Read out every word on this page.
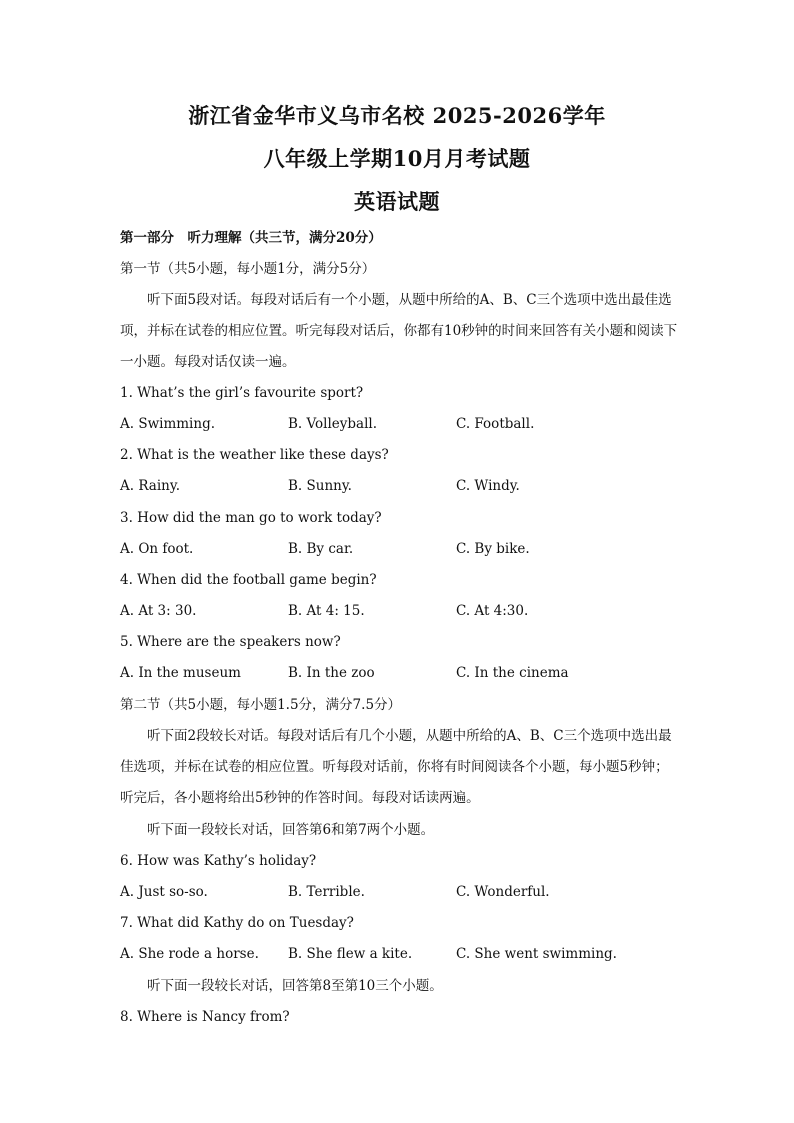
浙江省金华市义乌市名校 2025-2026学年
八年级上学期10月月考试题
英语试题
第一部分　听力理解（共三节，满分20分）
第一节（共5小题，每小题1分，满分5分）
听下面5段对话。每段对话后有一个小题，从题中所给的A、B、C三个选项中选出最佳选项，并标在试卷的相应位置。听完每段对话后，你都有10秒钟的时间来回答有关小题和阅读下一小题。每段对话仅读一遍。
1. What’s the girl’s favourite sport?
A. Swimming.	B. Volleyball.	C. Football.
2. What is the weather like these days?
A. Rainy.	B. Sunny.	C. Windy.
3. How did the man go to work today?
A. On foot.	B. By car.	C. By bike.
4. When did the football game begin?
A. At 3: 30.	B. At 4: 15.	C. At 4:30.
5. Where are the speakers now?
A. In the museum	B. In the zoo	C. In the cinema
第二节（共5小题，每小题1.5分，满分7.5分）
听下面2段较长对话。每段对话后有几个小题，从题中所给的A、B、C三个选项中选出最佳选项，并标在试卷的相应位置。听每段对话前，你将有时间阅读各个小题，每小题5秒钟；听完后，各小题将给出5秒钟的作答时间。每段对话读两遍。
听下面一段较长对话，回答第6和第7两个小题。
6. How was Kathy’s holiday?
A. Just so-so.	B. Terrible.	C. Wonderful.
7. What did Kathy do on Tuesday?
A. She rode a horse. B. She flew a kite.	C. She went swimming.
听下面一段较长对话，回答第8至第10三个小题。
8. Where is Nancy from?
